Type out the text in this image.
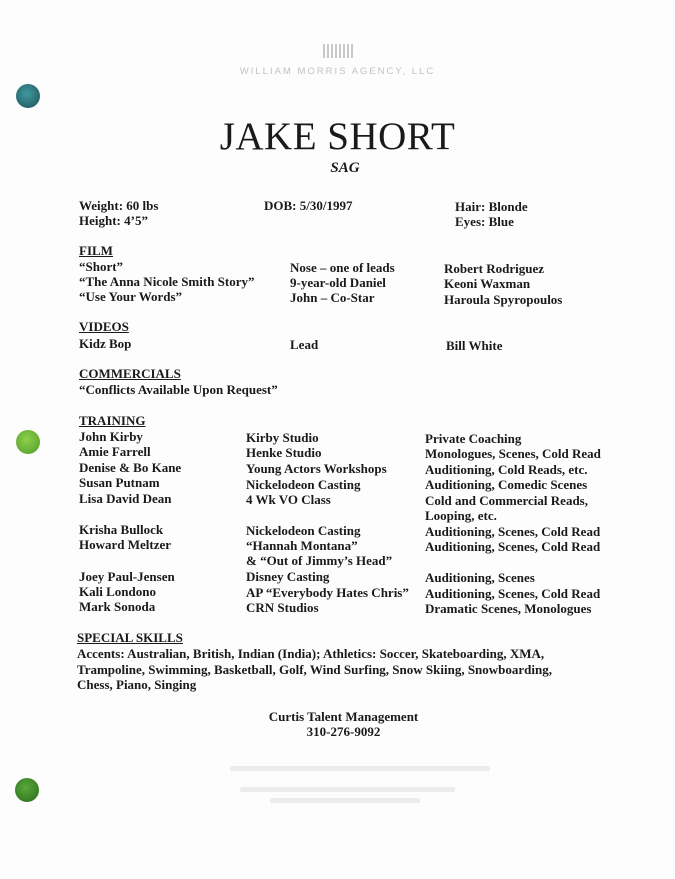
WILLIAM MORRIS AGENCY, LLC

JAKE SHORT
SAG
Weight: 60 lbs
Height: 4’5”
DOB: 5/30/1997	Hair: Blonde
Eyes: Blue
FILM
“Short”	Nose – one of leads	Robert Rodriguez
“The Anna Nicole Smith Story”	9-year-old Daniel	Keoni Waxman
“Use Your Words”	John – Co-Star	Haroula Spyropoulos
VIDEOS
Kidz Bop	Lead	Bill White
COMMERCIALS
“Conflicts Available Upon Request”
TRAINING
John Kirby	Kirby Studio	Private Coaching
Amie Farrell	Henke Studio	Monologues, Scenes, Cold Read
Denise & Bo Kane	Young Actors Workshops	Auditioning, Cold Reads, etc.
Susan Putnam	Nickelodeon Casting	Auditioning, Comedic Scenes
Lisa David Dean	4 Wk VO Class	Cold and Commercial Reads,
Looping, etc.
Krisha Bullock	Nickelodeon Casting	Auditioning, Scenes, Cold Read
Howard Meltzer	“Hannah Montana”	Auditioning, Scenes, Cold Read
& “Out of Jimmy’s Head”
Joey Paul-Jensen	Disney Casting	Auditioning, Scenes
Kali Londono	AP “Everybody Hates Chris” Auditioning, Scenes, Cold Read
Mark Sonoda	CRN Studios	Dramatic Scenes, Monologues
SPECIAL SKILLS
Accents: Australian, British, Indian (India); Athletics: Soccer, Skateboarding, XMA,
Trampoline, Swimming, Basketball, Golf, Wind Surfing, Snow Skiing, Snowboarding,
Chess, Piano, Singing
Curtis Talent Management
310-276-9092
